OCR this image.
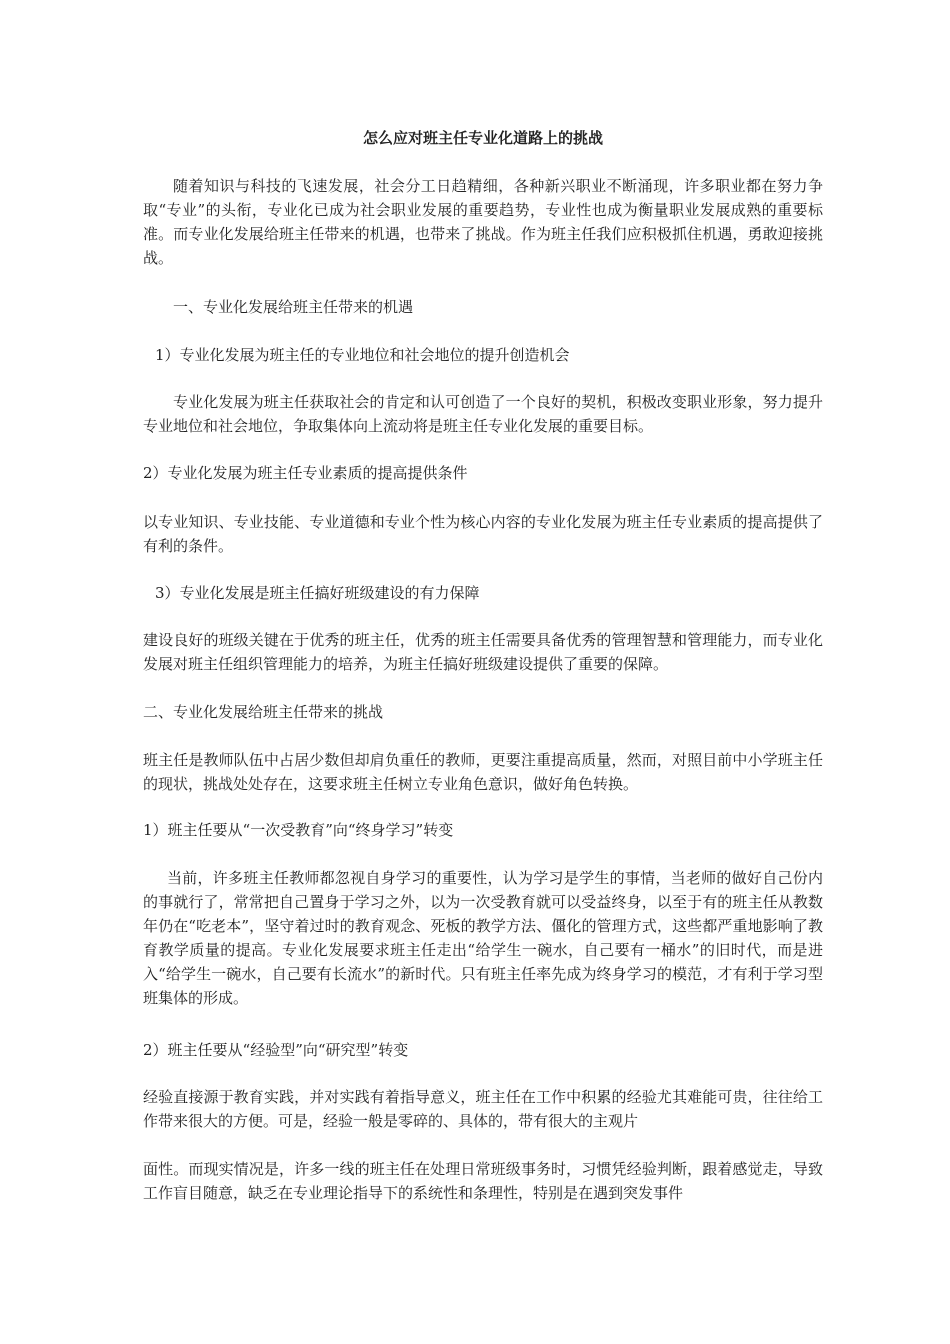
怎么应对班主任专业化道路上的挑战

随着知识与科技的飞速发展，社会分工日趋精细，各种新兴职业不断涌现，许多职业都在努力争取“专业”的头衔，专业化已成为社会职业发展的重要趋势，专业性也成为衡量职业发展成熟的重要标准。而专业化发展给班主任带来的机遇，也带来了挑战。作为班主任我们应积极抓住机遇，勇敢迎接挑战。

一、专业化发展给班主任带来的机遇

1）专业化发展为班主任的专业地位和社会地位的提升创造机会

专业化发展为班主任获取社会的肯定和认可创造了一个良好的契机，积极改变职业形象，努力提升专业地位和社会地位，争取集体向上流动将是班主任专业化发展的重要目标。

2）专业化发展为班主任专业素质的提高提供条件

以专业知识、专业技能、专业道德和专业个性为核心内容的专业化发展为班主任专业素质的提高提供了有利的条件。

3）专业化发展是班主任搞好班级建设的有力保障

建设良好的班级关键在于优秀的班主任，优秀的班主任需要具备优秀的管理智慧和管理能力，而专业化发展对班主任组织管理能力的培养，为班主任搞好班级建设提供了重要的保障。

二、专业化发展给班主任带来的挑战

班主任是教师队伍中占居少数但却肩负重任的教师，更要注重提高质量，然而，对照目前中小学班主任的现状，挑战处处存在，这要求班主任树立专业角色意识，做好角色转换。

1）班主任要从“一次受教育”向“终身学习”转变

当前，许多班主任教师都忽视自身学习的重要性，认为学习是学生的事情，当老师的做好自己份内的事就行了，常常把自己置身于学习之外，以为一次受教育就可以受益终身，以至于有的班主任从教数年仍在“吃老本”，坚守着过时的教育观念、死板的教学方法、僵化的管理方式，这些都严重地影响了教育教学质量的提高。专业化发展要求班主任走出“给学生一碗水，自己要有一桶水”的旧时代，而是进入“给学生一碗水，自己要有长流水”的新时代。只有班主任率先成为终身学习的模范，才有利于学习型班集体的形成。

2）班主任要从“经验型”向“研究型”转变

经验直接源于教育实践，并对实践有着指导意义，班主任在工作中积累的经验尤其难能可贵，往往给工作带来很大的方便。可是，经验一般是零碎的、具体的，带有很大的主观片

面性。而现实情况是，许多一线的班主任在处理日常班级事务时，习惯凭经验判断，跟着感觉走，导致工作盲目随意，缺乏在专业理论指导下的系统性和条理性，特别是在遇到突发事件
